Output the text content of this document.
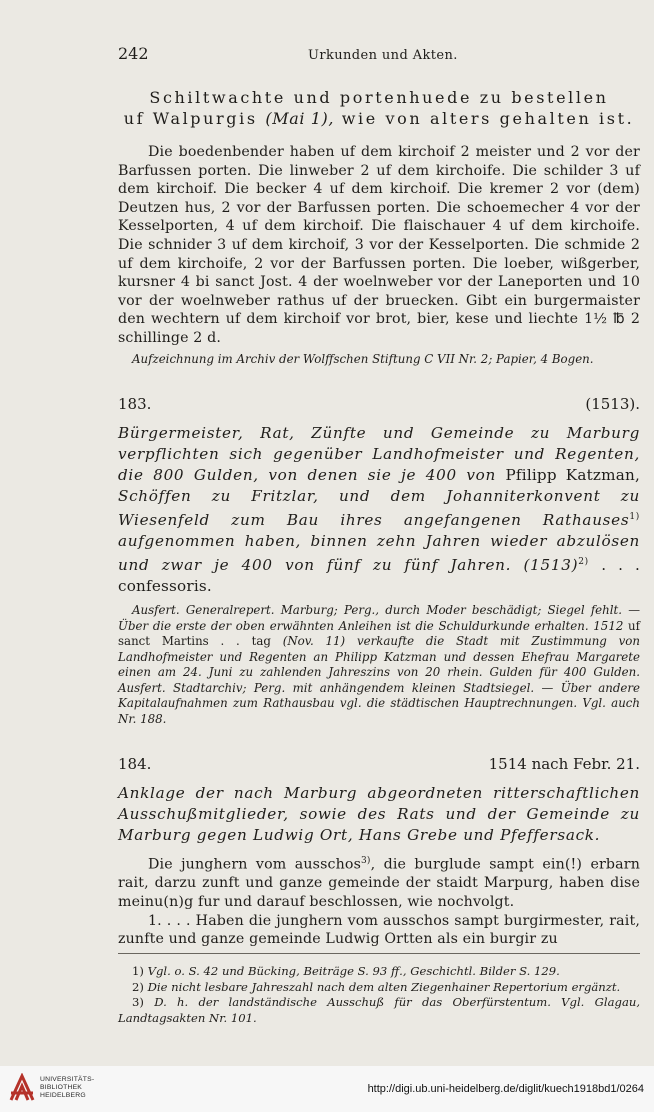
242	Urkunden und Akten.
Schiltwachte und portenhuede zu bestellen
uf Walpurgis (Mai 1), wie von alters gehalten ist.

Die boedenbender haben uf dem kirchoif 2 meister und 2 vor der Barfussen porten. Die linweber 2 uf dem kirchoife. Die schilder 3 uf dem kirchoif. Die becker 4 uf dem kirchoif. Die kremer 2 vor (dem) Deutzen hus, 2 vor der Barfussen porten. Die schoemecher 4 vor der Kesselporten, 4 uf dem kirchoif. Die flaischauer 4 uf dem kirchoife. Die schnider 3 uf dem kirchoif, 3 vor der Kesselporten. Die schmide 2 uf dem kirchoife, 2 vor der Barfussen porten. Die loeber, wißgerber, kursner 4 bi sanct Jost. 4 der woelnweber vor der Laneporten und 10 vor der woelnweber rathus uf der bruecken. Gibt ein burgermaister den wechtern uf dem kirchoif vor brot, bier, kese und liechte 1½ ℔ 2 schillinge 2 d.

Aufzeichnung im Archiv der Wolffschen Stiftung C VII Nr. 2; Papier, 4 Bogen.

183.	(1513).

Bürgermeister, Rat, Zünfte und Gemeinde zu Marburg verpflichten sich gegenüber Landhofmeister und Regenten, die 800 Gulden, von denen sie je 400 von Pfilipp Katzman, Schöffen zu Fritzlar, und dem Johanniterkonvent zu Wiesenfeld zum Bau ihres angefangenen Rathauses$^{1)}$ aufgenommen haben, binnen zehn Jahren wieder abzulösen und zwar je 400 von fünf zu fünf Jahren. $(1513)^{2)}$ . . . confessoris.

Ausfert. Generalrepert. Marburg; Perg., durch Moder beschädigt; Siegel fehlt. — Über die erste der oben erwähnten Anleihen ist die Schuldurkunde erhalten. 1512 uf sanct Martins . . tag (Nov. 11) verkaufte die Stadt mit Zustimmung von Landhofmeister und Regenten an Philipp Katzman und dessen Ehefrau Margarete einen am 24. Juni zu zahlenden Jahreszins von 20 rhein. Gulden für 400 Gulden. Ausfert. Stadtarchiv; Perg. mit anhängendem kleinen Stadtsiegel. — Über andere Kapitalaufnahmen zum Rathausbau vgl. die städtischen Hauptrechnungen. Vgl. auch Nr. 188.

184.	1514 nach Febr. 21.

Anklage der nach Marburg abgeordneten ritterschaftlichen Ausschußmitglieder, sowie des Rats und der Gemeinde zu Marburg gegen Ludwig Ort, Hans Grebe und Pfeffersack.

Die junghern vom ausschos$^{3)}$, die burglude sampt ein(!) erbarn rait, darzu zunft und ganze gemeinde der staidt Marpurg, haben dise meinu(n)g fur und darauf beschlossen, wie nochvolgt.

1. . . . Haben die junghern vom ausschos sampt burgirmester, rait, zunfte und ganze gemeinde Ludwig Ortten als ein burgir zu

1) Vgl. o. S. 42 und Bücking, Beiträge S. 93 ff., Geschichtl. Bilder S. 129.

2) Die nicht lesbare Jahreszahl nach dem alten Ziegenhainer Repertorium ergänzt.

3) D. h. der landständische Ausschuß für das Oberfürstentum. Vgl. Glagau, Landtagsakten Nr. 101.

UNIVERSITÄTS-
BIBLIOTHEK
HEIDELBERG
http://digi.ub.uni-heidelberg.de/diglit/kuech1918bd1/0264
